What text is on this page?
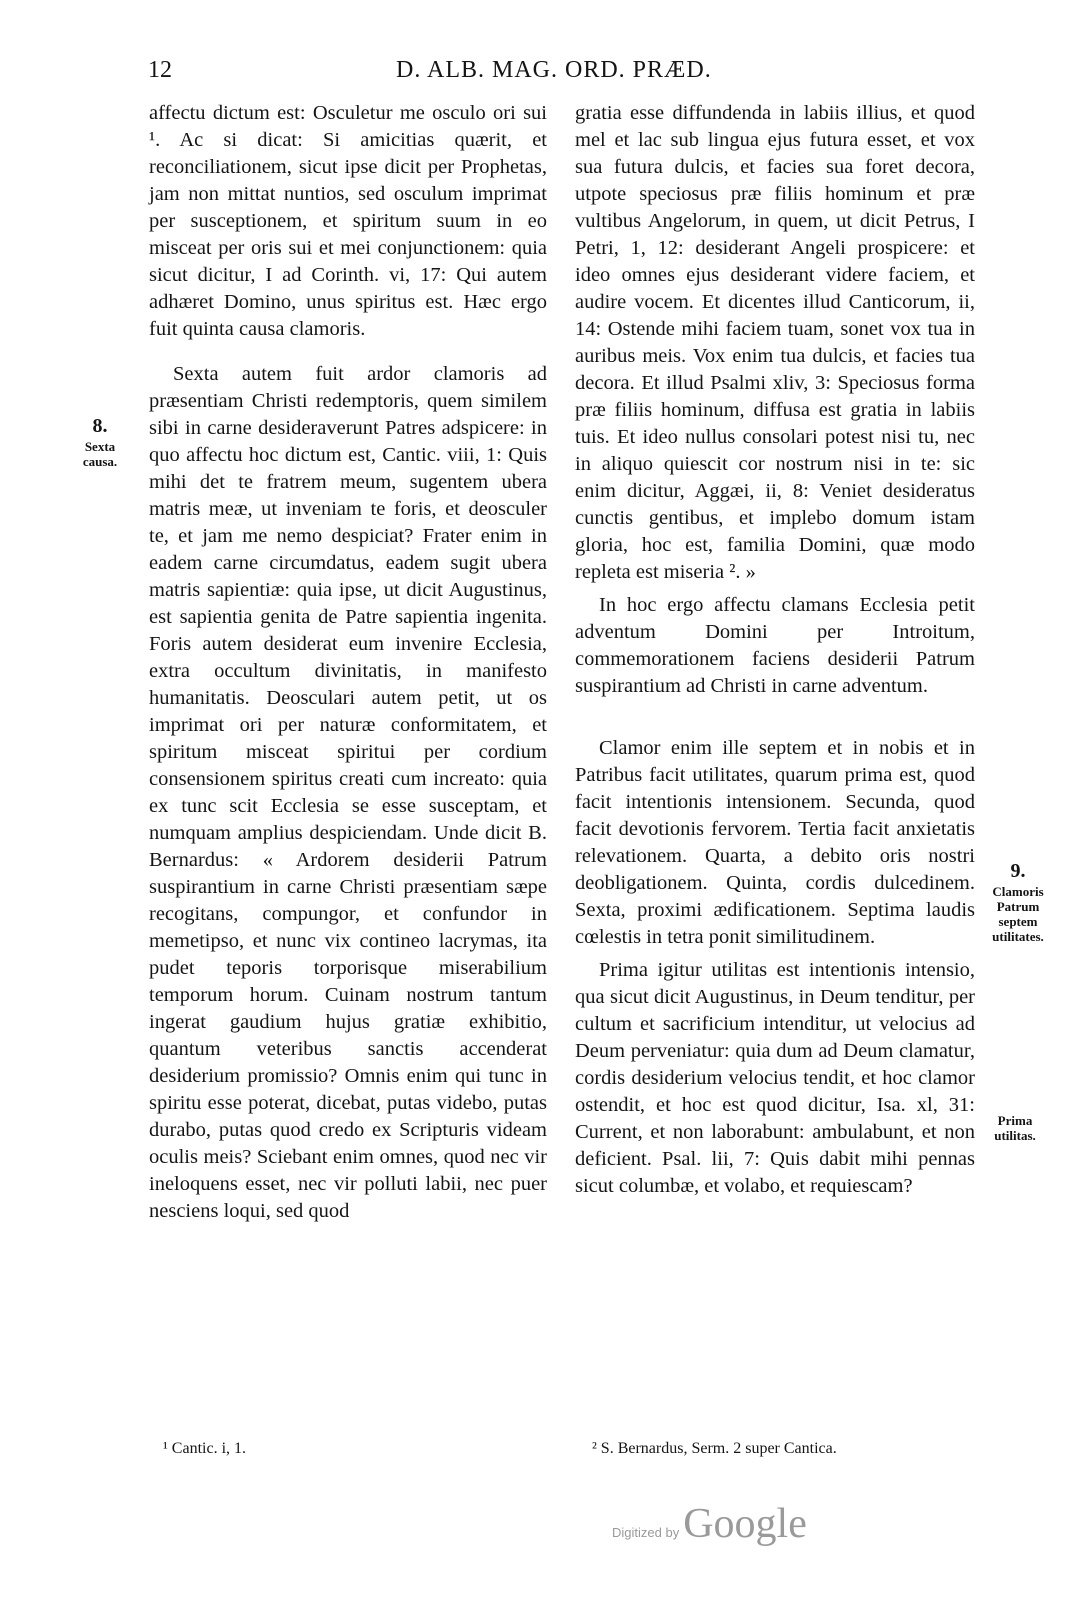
12	D. ALB. MAG. ORD. PRÆD.

affectu dictum est: Osculetur me osculo ori sui ¹. Ac si dicat: Si amicitias quærit, et reconciliationem, sicut ipse dicit per Prophetas, jam non mittat nuntios, sed osculum imprimat per susceptionem, et spiritum suum in eo misceat per oris sui et mei conjunctionem: quia sicut dicitur, I ad Corinth. vi, 17: Qui autem adhæret Domino, unus spiritus est. Hæc ergo fuit quinta causa clamoris.

Sexta autem fuit ardor clamoris ad præsentiam Christi redemptoris, quem similem sibi in carne desideraverunt Patres adspicere: in quo affectu hoc dictum est, Cantic. viii, 1: Quis mihi det te fratrem meum, sugentem ubera matris meæ, ut inveniam te foris, et deosculer te, et jam me nemo despiciat? Frater enim in eadem carne circumdatus, eadem sugit ubera matris sapientiæ: quia ipse, ut dicit Augustinus, est sapientia genita de Patre sapientia ingenita. Foris autem desiderat eum invenire Ecclesia, extra occultum divinitatis, in manifesto humanitatis. Deosculari autem petit, ut os imprimat ori per naturæ conformitatem, et spiritum misceat spiritui per cordium consensionem spiritus creati cum increato: quia ex tunc scit Ecclesia se esse susceptam, et numquam amplius despiciendam. Unde dicit B. Bernardus: « Ardorem desiderii Patrum suspirantium in carne Christi præsentiam sæpe recogitans, compungor, et confundor in memetipso, et nunc vix contineo lacrymas, ita pudet teporis torporisque miserabilium temporum horum. Cuinam nostrum tantum ingerat gaudium hujus gratiæ exhibitio, quantum veteribus sanctis accenderat desiderium promissio? Omnis enim qui tunc in spiritu esse poterat, dicebat, putas videbo, putas durabo, putas quod credo ex Scripturis videam oculis meis? Sciebant enim omnes, quod nec vir ineloquens esset, nec vir polluti labii, nec puer nesciens loqui, sed quod

8.
Sexta causa.

gratia esse diffundenda in labiis illius, et quod mel et lac sub lingua ejus futura esset, et vox sua futura dulcis, et facies sua foret decora, utpote speciosus præ filiis hominum et præ vultibus Angelorum, in quem, ut dicit Petrus, I Petri, 1, 12: desiderant Angeli prospicere: et ideo omnes ejus desiderant videre faciem, et audire vocem. Et dicentes illud Canticorum, ii, 14: Ostende mihi faciem tuam, sonet vox tua in auribus meis. Vox enim tua dulcis, et facies tua decora. Et illud Psalmi xliv, 3: Speciosus forma præ filiis hominum, diffusa est gratia in labiis tuis. Et ideo nullus consolari potest nisi tu, nec in aliquo quiescit cor nostrum nisi in te: sic enim dicitur, Aggæi, ii, 8: Veniet desideratus cunctis gentibus, et implebo domum istam gloria, hoc est, familia Domini, quæ modo repleta est miseria ². »

In hoc ergo affectu clamans Ecclesia petit adventum Domini per Introitum, commemorationem faciens desiderii Patrum suspirantium ad Christi in carne adventum.

Clamor enim ille septem et in nobis et in Patribus facit utilitates, quarum prima est, quod facit intentionis intensionem. Secunda, quod facit devotionis fervorem. Tertia facit anxietatis relevationem. Quarta, a debito oris nostri deobligationem. Quinta, cordis dulcedinem. Sexta, proximi ædificationem. Septima laudis cœlestis in tetra ponit similitudinem.

Prima igitur utilitas est intentionis intensio, qua sicut dicit Augustinus, in Deum tenditur, per cultum et sacrificium intenditur, ut velocius ad Deum perveniatur: quia dum ad Deum clamatur, cordis desiderium velocius tendit, et hoc clamor ostendit, et hoc est quod dicitur, Isa. xl, 31: Current, et non laborabunt: ambulabunt, et non deficient. Psal. lii, 7: Quis dabit mihi pennas sicut columbæ, et volabo, et requiescam?

9.
Clamoris Patrum septem utilitates.
Prima utilitas.
¹ Cantic. i, 1.	² S. Bernardus, Serm. 2 super Cantica.
Digitized by Google
